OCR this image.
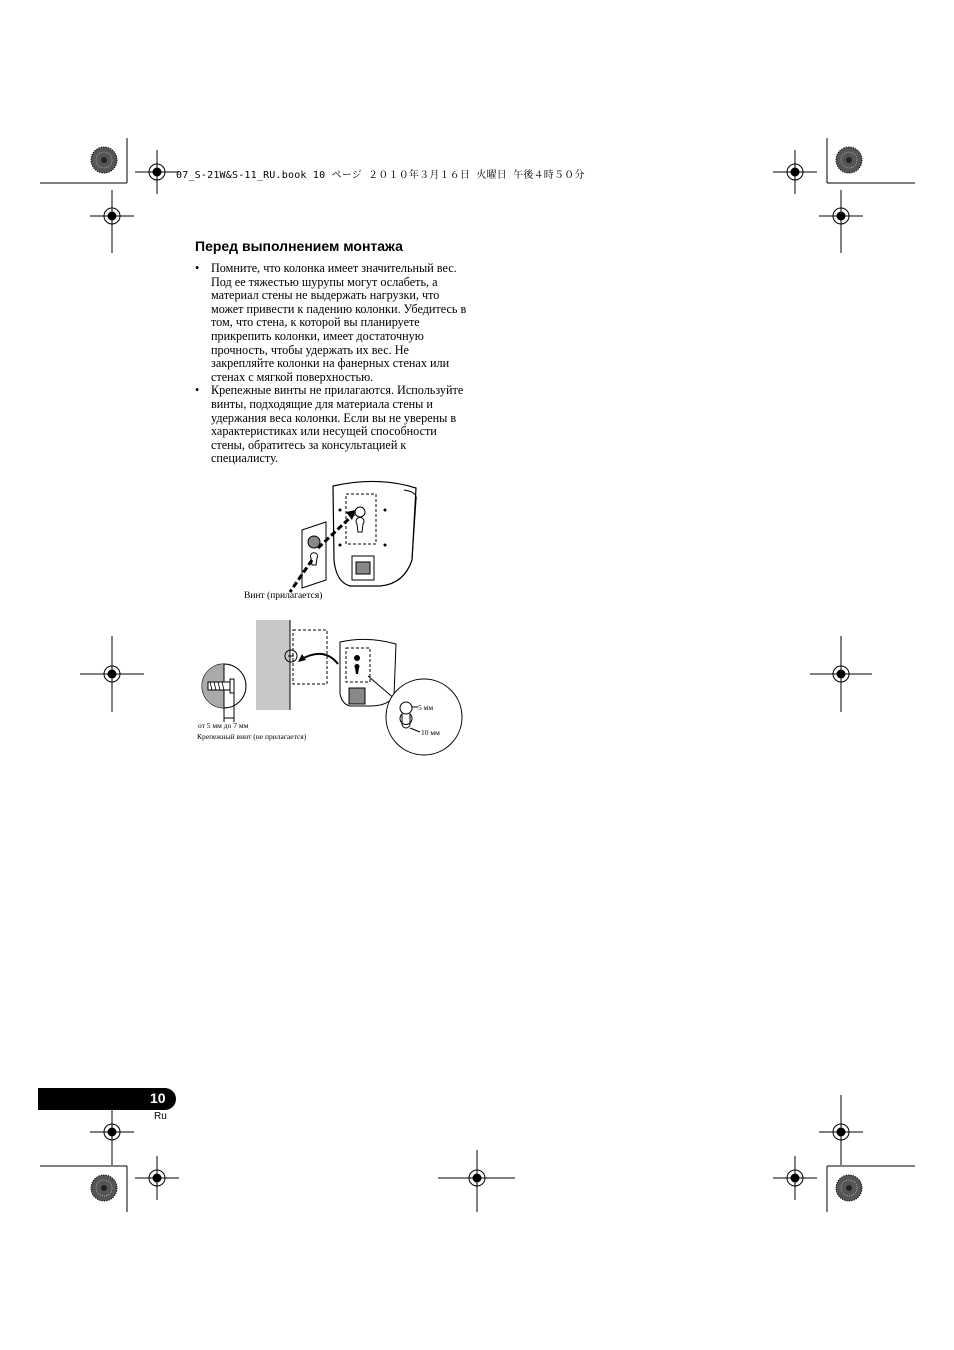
07_S-21W&S-11_RU.book 10 ページ ２０１０年３月１６日 火曜日 午後４時５０分
Перед выполнением монтажа
• Помните, что колонка имеет значительный вес. Под ее тяжестью шурупы могут ослабеть, а материал стены не выдержать нагрузки, что может привести к падению колонки. Убедитесь в том, что стена, к которой вы планируете прикрепить колонки, имеет достаточную прочность, чтобы удержать их вес. Не закрепляйте колонки на фанерных стенах или стенах с мягкой поверхностью.
• Крепежные винты не прилагаются. Используйте винты, подходящие для материала стены и удержания веса колонки. Если вы не уверены в характеристиках или несущей способности стены, обратитесь за консультацией к специалисту.
Винт (прилагается)
от 5 мм до 7 мм
Крепежный винт (не прилагается)
5 мм
10 мм
10
Ru
